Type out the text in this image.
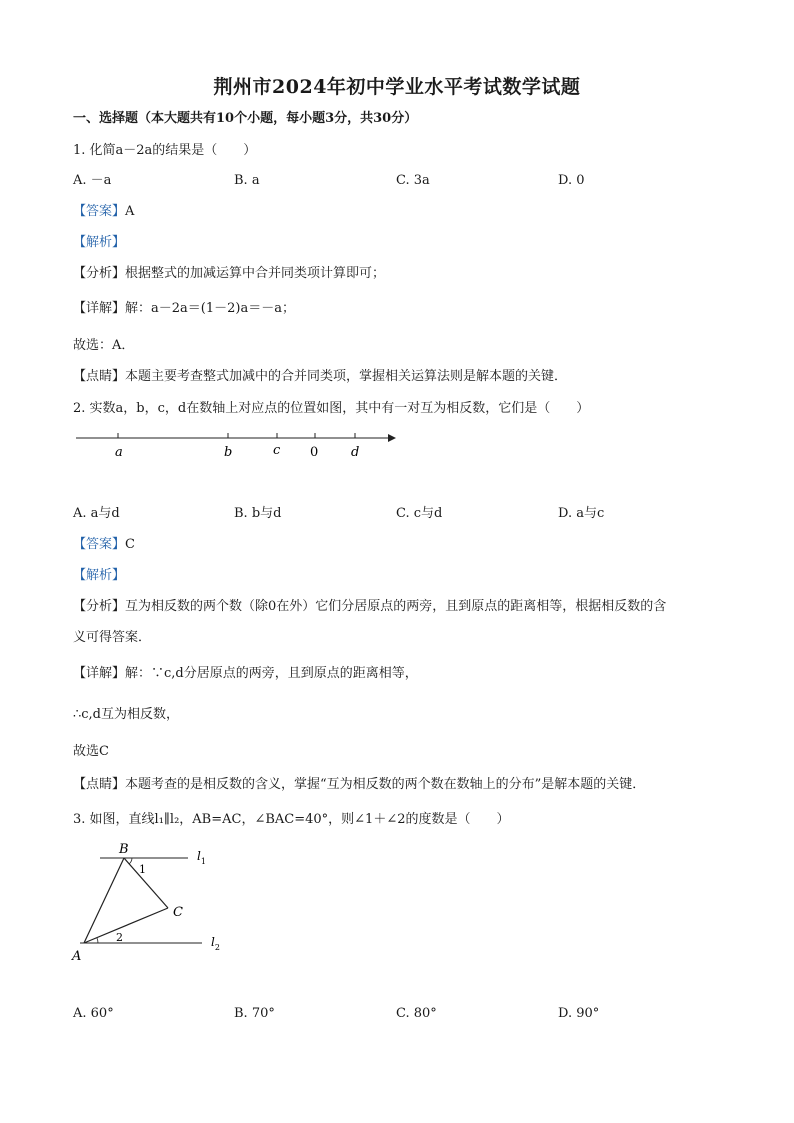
荆州市2024年初中学业水平考试数学试题
一、选择题（本大题共有10个小题，每小题3分，共30分）
1. 化简a－2a的结果是（　　）
A. －a	B. a	C. 3a	D. 0
【答案】A
【解析】
【分析】根据整式的加减运算中合并同类项计算即可；
【详解】解：a－2a＝(1－2)a＝－a；
故选：A．
【点睛】本题主要考查整式加减中的合并同类项，掌握相关运算法则是解本题的关键．
2. 实数a，b，c，d在数轴上对应点的位置如图，其中有一对互为相反数，它们是（　　）
a	b	c 0	d
A. a与d	B. b与d	C. c与d	D. a与c
【答案】C
【解析】
【分析】互为相反数的两个数（除0在外）它们分居原点的两旁，且到原点的距离相等，根据相反数的含
义可得答案．
【详解】解：∵c,d分居原点的两旁，且到原点的距离相等，
∴c,d互为相反数，
故选C
【点睛】本题考查的是相反数的含义，掌握“互为相反数的两个数在数轴上的分布”是解本题的关键．
3. 如图，直线l₁∥l₂，AB=AC，∠BAC=40°，则∠1＋∠2的度数是（　　）
B
1
C
2
A
$l_1$
$l_2$
A. 60°	B. 70°	C. 80°	D. 90°
